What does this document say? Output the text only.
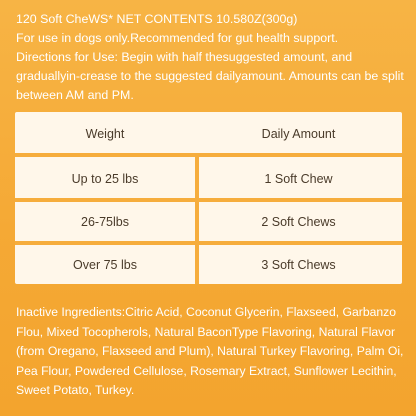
120 Soft CheWS* NET CONTENTS 10.580Z(300g)

For use in dogs only.Recommended for gut health support.

Directions for Use: Begin with half thesuggested amount, and graduallyin-crease to the suggested dailyamount. Amounts can be split between AM and PM.

Weight	Daily Amount
Up to 25 lbs	1 Soft Chew
26-75lbs	2 Soft Chews
Over 75 lbs	3 Soft Chews

Inactive Ingredients:Citric Acid, Coconut Glycerin, Flaxseed, Garbanzo Flou, Mixed Tocopherols, Natural BaconType Flavoring, Natural Flavor (from Oregano, Flaxseed and Plum), Natural Turkey Flavoring, Palm Oi, Pea Flour, Powdered Cellulose, Rosemary Extract, Sunflower Lecithin, Sweet Potato, Turkey.
